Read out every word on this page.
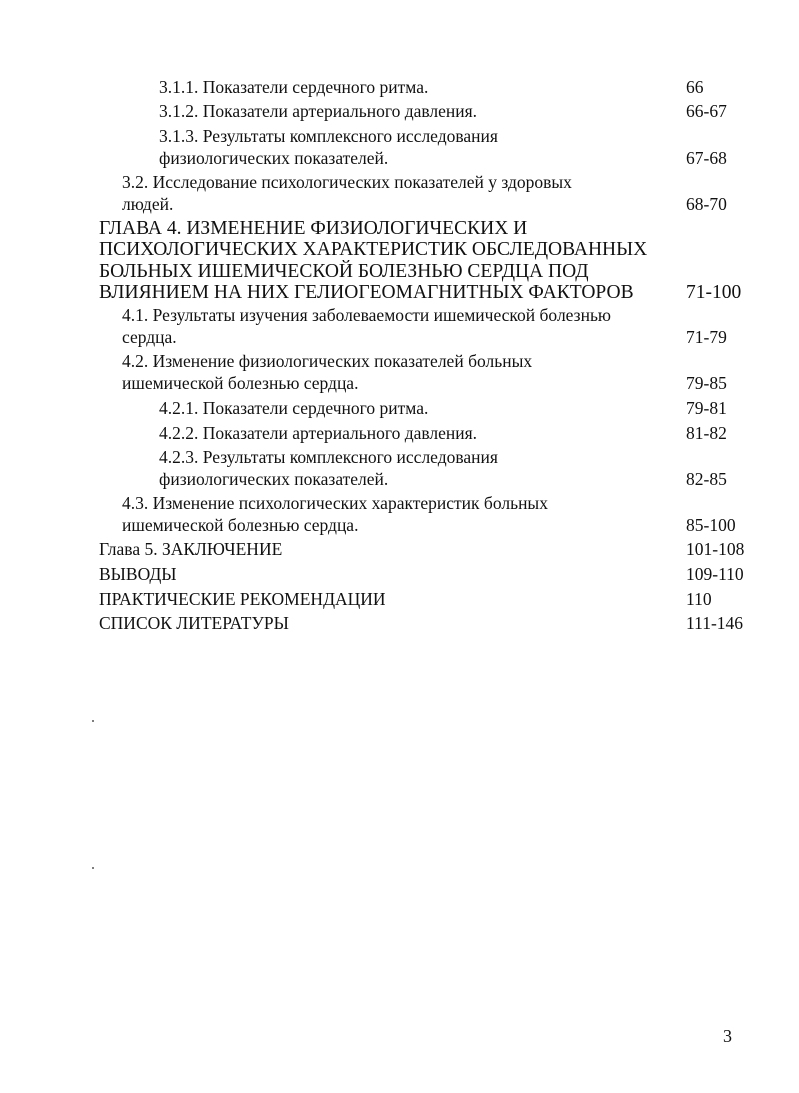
3.1.1. Показатели сердечного ритма.	66
3.1.2. Показатели артериального давления.	66-67
3.1.3. Результаты комплексного исследования
физиологических показателей.	67-68
3.2. Исследование психологических показателей у здоровых
людей.	68-70
ГЛАВА 4. ИЗМЕНЕНИЕ ФИЗИОЛОГИЧЕСКИХ И
ПСИХОЛОГИЧЕСКИХ ХАРАКТЕРИСТИК ОБСЛЕДОВАННЫХ
БОЛЬНЫХ ИШЕМИЧЕСКОЙ БОЛЕЗНЬЮ СЕРДЦА ПОД
ВЛИЯНИЕМ НА НИХ ГЕЛИОГЕОМАГНИТНЫХ ФАКТОРОВ	71-100
4.1. Результаты изучения заболеваемости ишемической болезнью
сердца.	71-79
4.2. Изменение физиологических показателей больных
ишемической болезнью сердца.	79-85
4.2.1. Показатели сердечного ритма.	79-81
4.2.2. Показатели артериального давления.	81-82
4.2.3. Результаты комплексного исследования
физиологических показателей.	82-85
4.3. Изменение психологических характеристик больных
ишемической болезнью сердца.	85-100
Глава 5. ЗАКЛЮЧЕНИЕ	101-108
ВЫВОДЫ	109-110
ПРАКТИЧЕСКИЕ РЕКОМЕНДАЦИИ	110
СПИСОК ЛИТЕРАТУРЫ	111-146
3
